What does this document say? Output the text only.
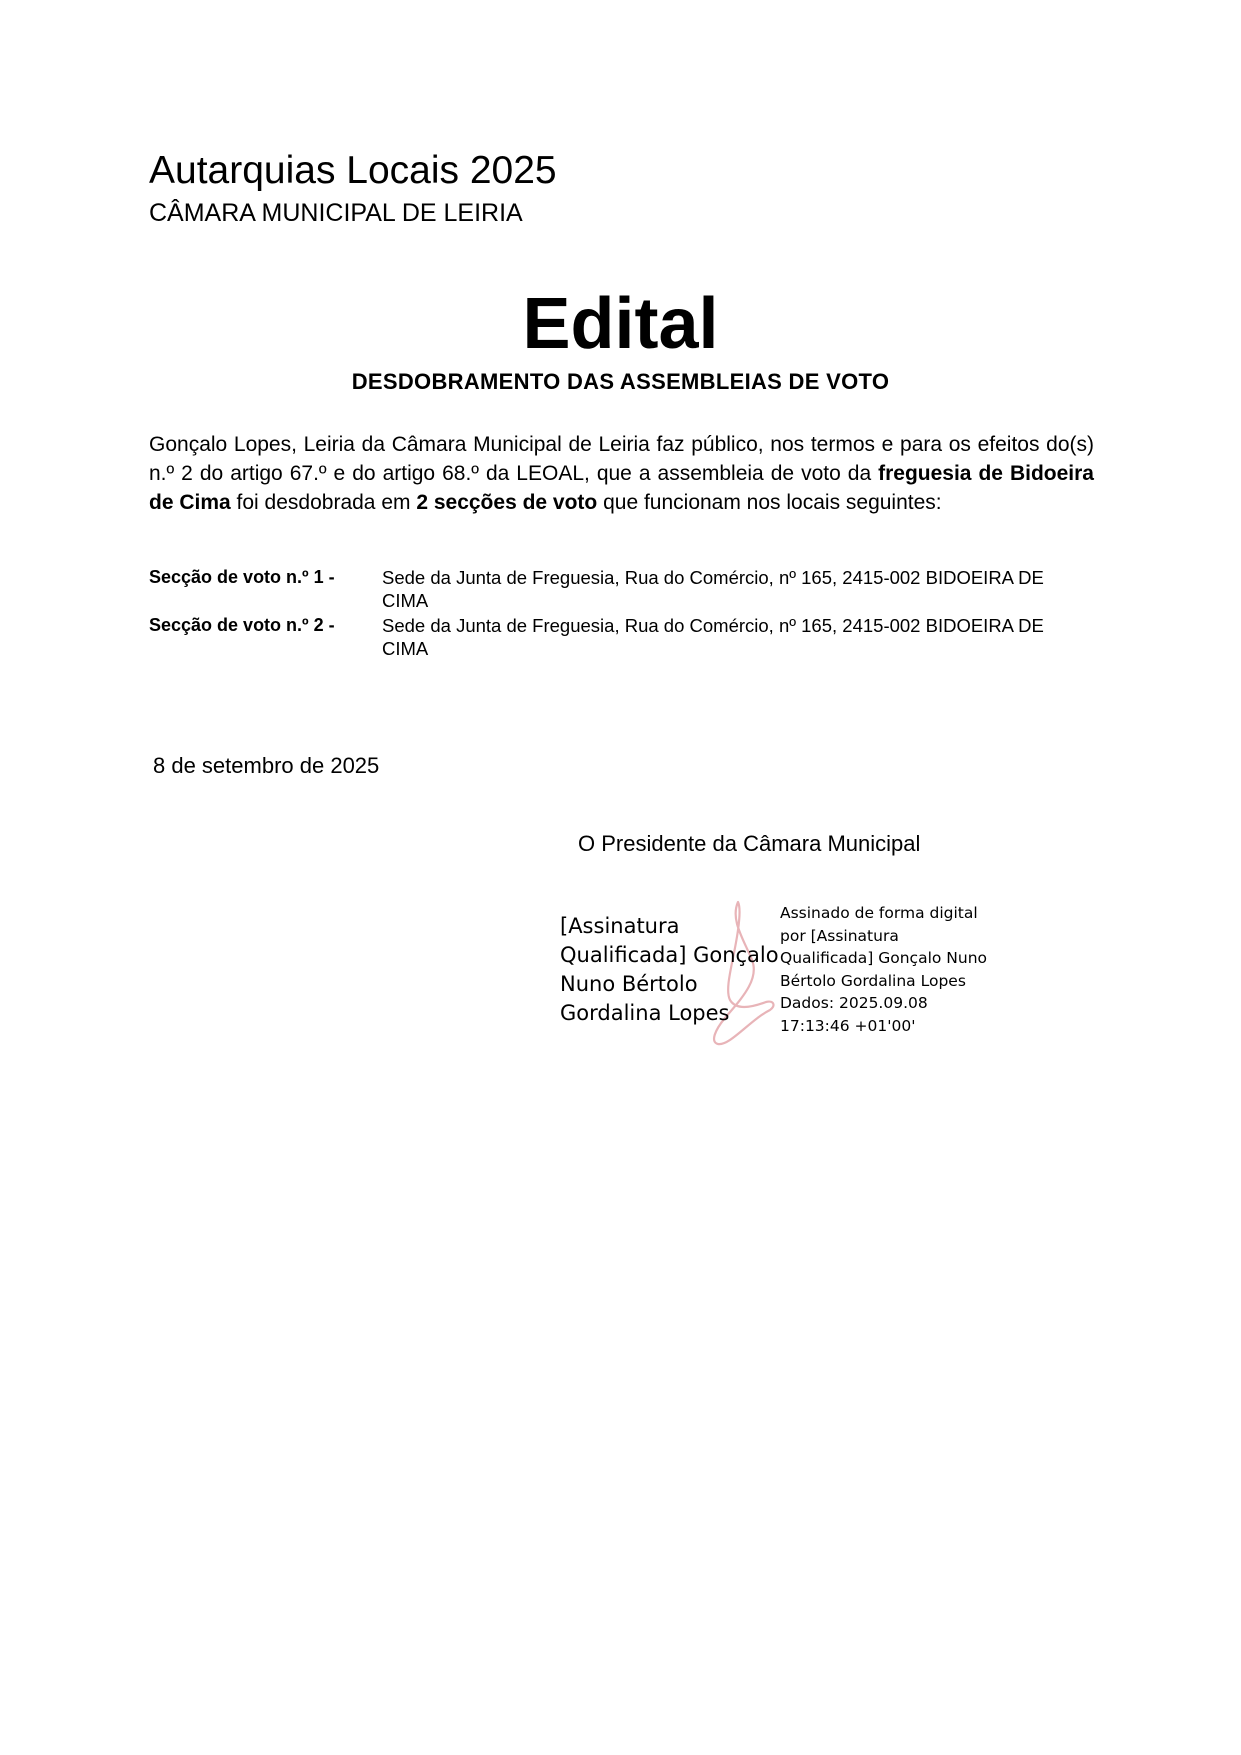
Autarquias Locais 2025
CÂMARA MUNICIPAL DE LEIRIA
Edital
DESDOBRAMENTO DAS ASSEMBLEIAS DE VOTO
Gonçalo Lopes, Leiria da Câmara Municipal de Leiria faz público, nos termos e para os efeitos do(s) n.º 2 do artigo 67.º e do artigo 68.º da LEOAL, que a assembleia de voto da freguesia de Bidoeira de Cima foi desdobrada em 2 secções de voto que funcionam nos locais seguintes:
Secção de voto n.º 1 -	Sede da Junta de Freguesia, Rua do Comércio, nº 165, 2415-002 BIDOEIRA DE CIMA
Secção de voto n.º 2 -	Sede da Junta de Freguesia, Rua do Comércio, nº 165, 2415-002 BIDOEIRA DE CIMA
8 de setembro de 2025
O Presidente da Câmara Municipal
[Assinatura
Qualificada] Gonçalo
Nuno Bértolo
Gordalina Lopes
Assinado de forma digital
por [Assinatura
Qualificada] Gonçalo Nuno
Bértolo Gordalina Lopes
Dados: 2025.09.08
17:13:46 +01'00'
